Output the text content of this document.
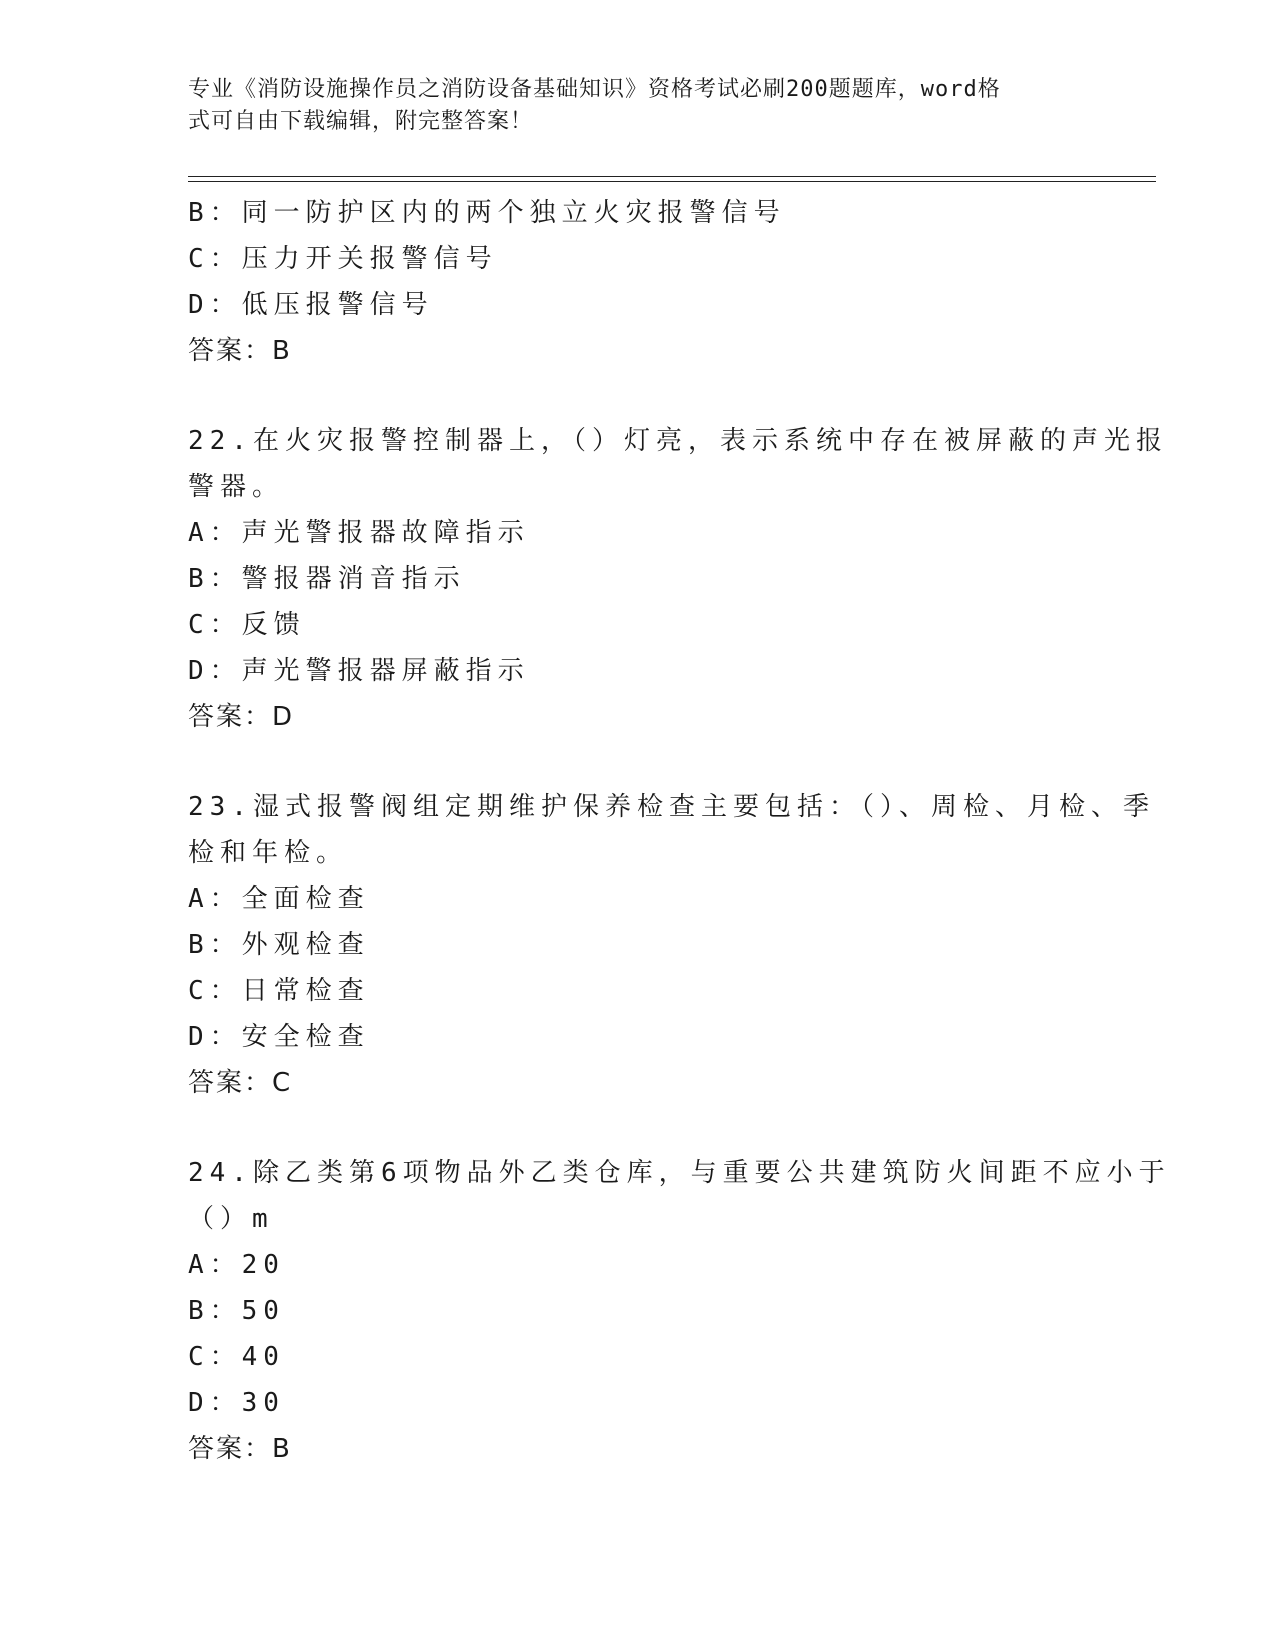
专业《消防设施操作员之消防设备基础知识》资格考试必刷200题题库，word格
式可自由下载编辑，附完整答案！
B：同一防护区内的两个独立火灾报警信号
C：压力开关报警信号
D：低压报警信号
答案：B
22.在火灾报警控制器上，（）灯亮，表示系统中存在被屏蔽的声光报
警器。
A：声光警报器故障指示
B：警报器消音指示
C：反馈
D：声光警报器屏蔽指示
答案：D
23.湿式报警阀组定期维护保养检查主要包括：（）、周检、月检、季
检和年检。
A：全面检查
B：外观检查
C：日常检查
D：安全检查
答案：C
24.除乙类第6项物品外乙类仓库，与重要公共建筑防火间距不应小于
（）m
A：20
B：50
C：40
D：30
答案：B
